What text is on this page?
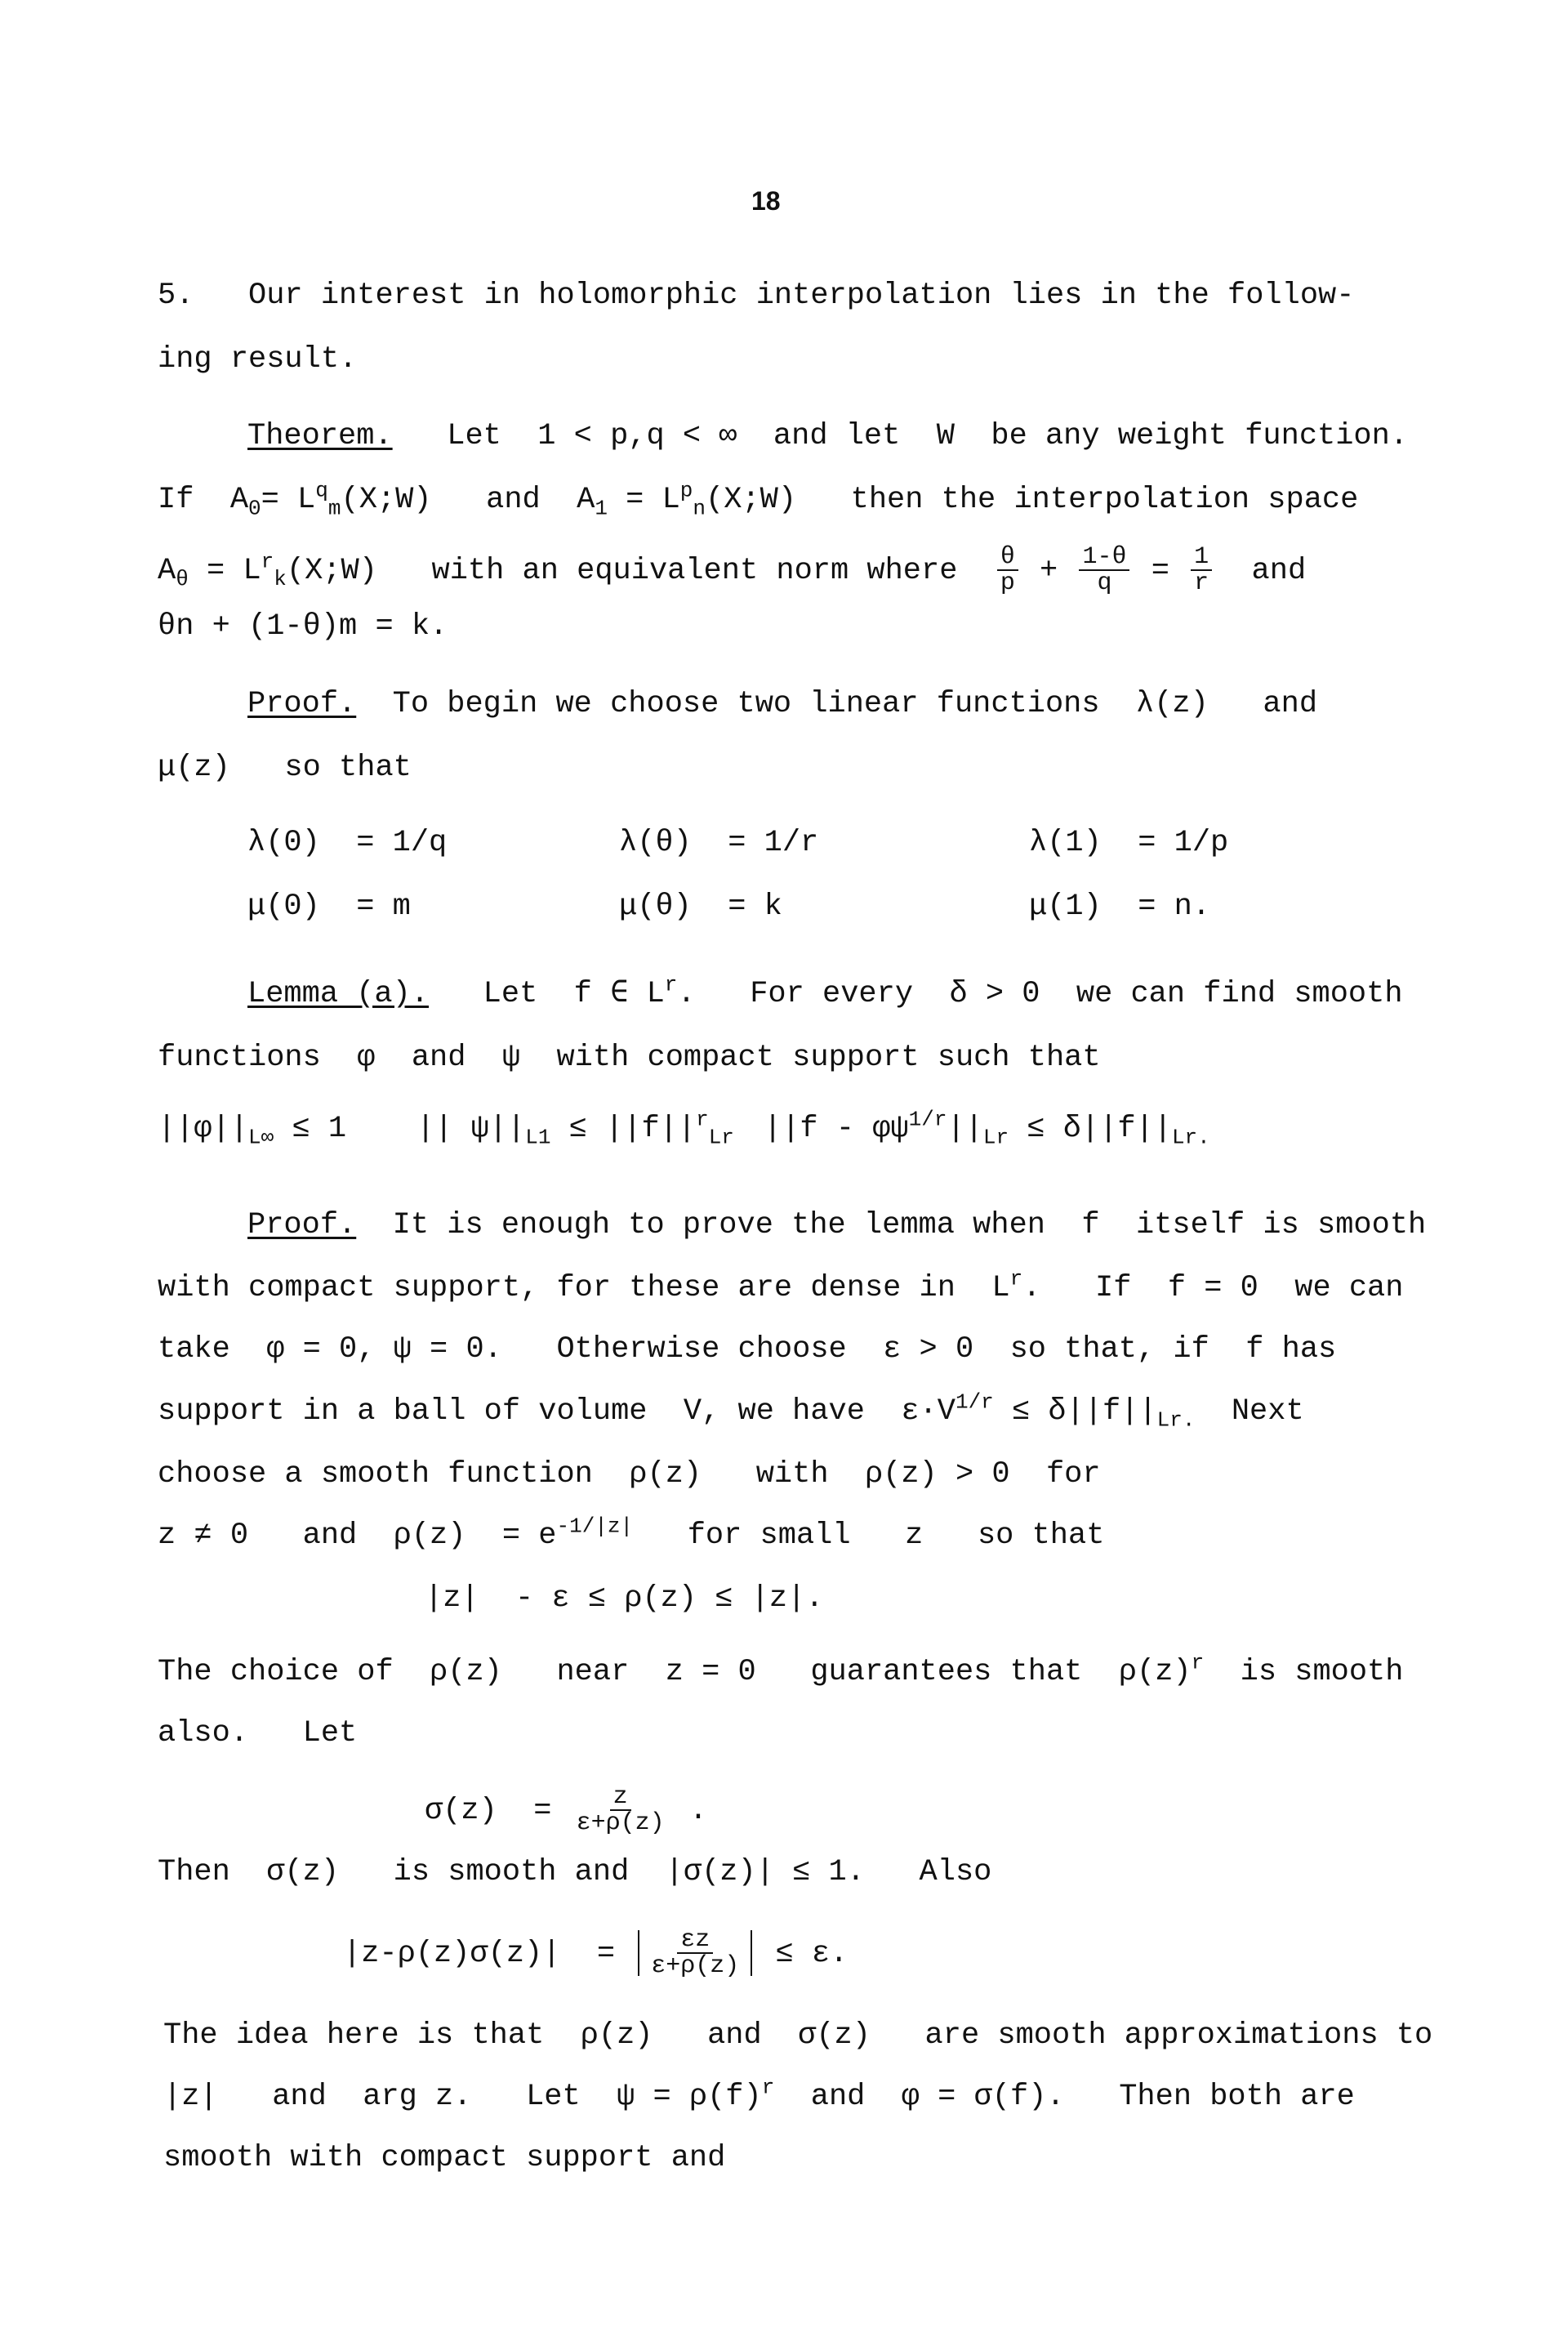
18
5.   Our interest in holomorphic interpolation lies in the follow-
ing result.
Theorem.   Let  1 < p,q < ∞  and let  W  be any weight function.
If  $A_0=$ $L^q_m(X;W)$   and  $A_1$ = $L^p_n(X;W)$   then the interpolation space
$A_\theta$ = $L^r_k(X;W)$   with an equivalent norm where $\frac{\theta}{p} + \frac{1-\theta}{q} = \frac{1}{r}$ and
θn + (1-θ)m = k.
Proof.  To begin we choose two linear functions  λ(z)   and
μ(z)   so that
λ(0)  = 1/q	λ(θ)  = 1/r	λ(1)  = 1/p
μ(0)  = m	μ(θ)  = k	μ(1)  = n.
Lemma (a).   Let  f ∈ $L^r$.   For every  δ > 0  we can find smooth
functions  φ  and  ψ  with compact support such that
$||\varphi||_{L\infty} \le 1$ || $\psi||_{L1} \le ||f||^r_{Lr}$ $||f - \varphi\psi^{1/r}||_{Lr} \le \delta||f||_{Lr.}$
Proof.  It is enough to prove the lemma when  f  itself is smooth
with compact support, for these are dense in  $L^r$.   If  f = 0  we can
take  φ = 0, ψ = 0.   Otherwise choose  ε > 0  so that, if  f has
support in a ball of volume  V, we have  $\varepsilon\cdot V^{1/r} \le \delta||f||_{Lr.}$  Next
choose a smooth function  ρ(z)   with  ρ(z) > 0  for
z ≠ 0   and  $\rho(z) = e^{-1/|z|}$   for small   z   so that
|z|  - ε ≤ ρ(z) ≤ |z|.
The choice of  ρ(z)   near  z = 0   guarantees that  $\rho(z)^r$  is smooth
also.   Let
$\sigma(z) = \frac{z}{\varepsilon+\rho(z)}$ .
Then  σ(z)   is smooth and  |σ(z)| ≤ 1.   Also
$|z-\rho(z)\sigma(z)| = \frac{\varepsilon z}{\varepsilon+\rho(z)} \le \varepsilon$.
The idea here is that  ρ(z)   and  σ(z)   are smooth approximations to
|z|   and  arg z.   Let  $\psi = \rho(f)^r$  and  φ = σ(f).   Then both are
smooth with compact support and
